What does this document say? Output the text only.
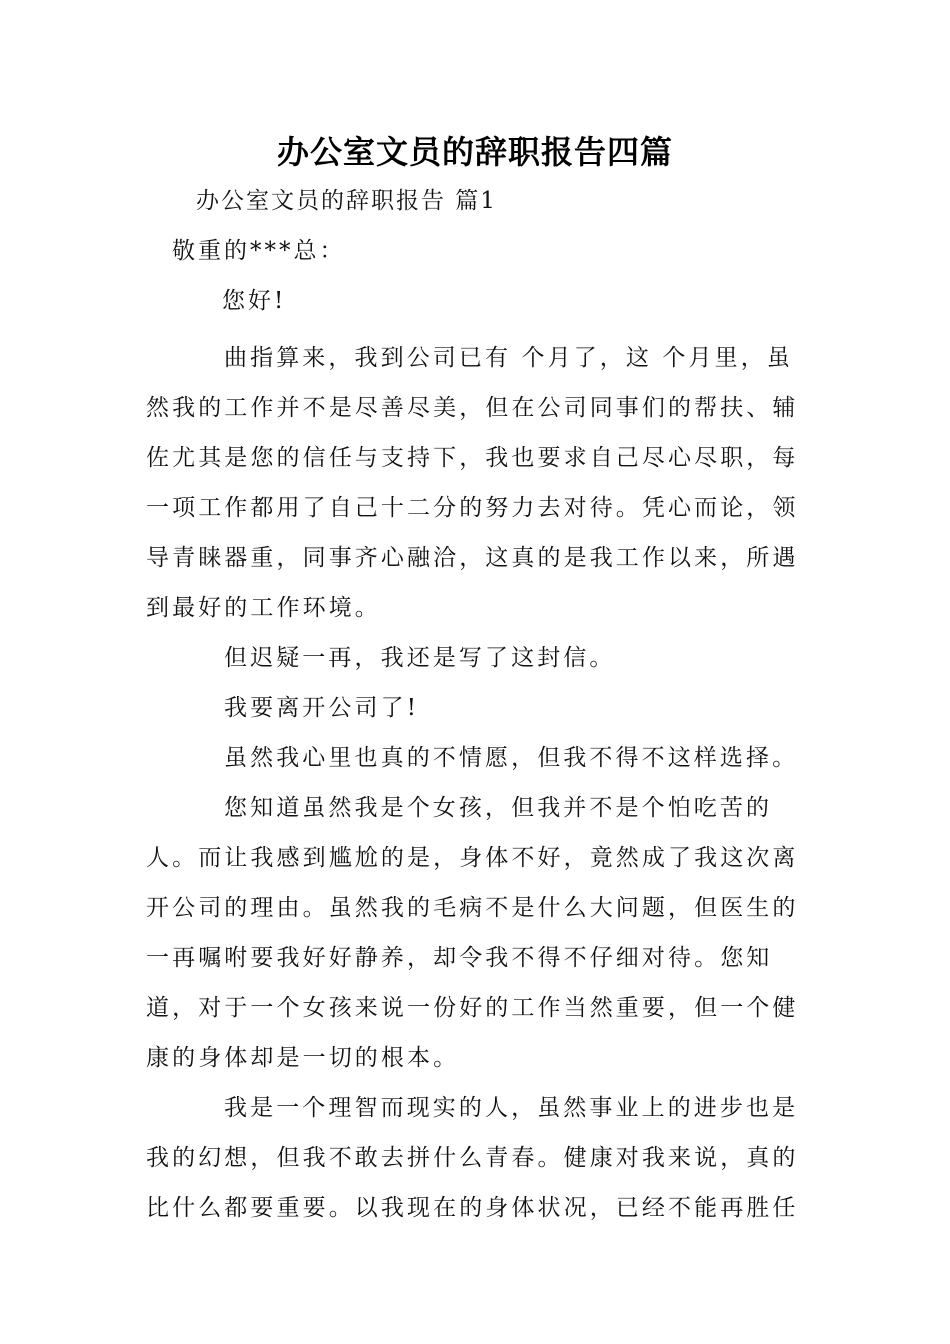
办公室文员的辞职报告四篇
办公室文员的辞职报告 篇1
敬重的***总：
您好!
曲指算来，我到公司已有 个月了，这 个月里，虽然我的工作并不是尽善尽美，但在公司同事们的帮扶、辅佐尤其是您的信任与支持下，我也要求自己尽心尽职，每一项工作都用了自己十二分的努力去对待。凭心而论，领导青睐器重，同事齐心融洽，这真的是我工作以来，所遇到最好的工作环境。
但迟疑一再，我还是写了这封信。
我要离开公司了!
虽然我心里也真的不情愿，但我不得不这样选择。
您知道虽然我是个女孩，但我并不是个怕吃苦的人。而让我感到尴尬的是，身体不好，竟然成了我这次离开公司的理由。虽然我的毛病不是什么大问题，但医生的一再嘱咐要我好好静养，却令我不得不仔细对待。您知道，对于一个女孩来说一份好的工作当然重要，但一个健康的身体却是一切的根本。
我是一个理智而现实的人，虽然事业上的进步也是我的幻想，但我不敢去拼什么青春。健康对我来说，真的比什么都要重要。以我现在的身体状况，已经不能再胜任
